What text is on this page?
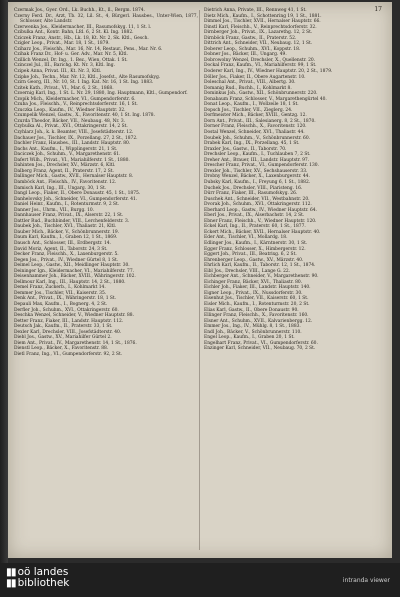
17

Czermak Jos., Gyer. Ord., Lk. Buchh., Kt., ll., Bergm. 1874.

Czerny Ferd. Dr., Arzt, Tb. 32, Lil. St., 4, Bürgerl. Hausbes., Unter-Wien, 1877, Schlosser, Alte Landstr.

Czerwenka Jos., Kleidermacher, III., Rasumofskyg. 11, 1 St. l.

Czibulka Ant., Kontr. Bahn, Lfd. 6, 2 St. Kl. Ing. 1882.

Cziczek Franz, Anstr., Hb., Lk. 18, Kt. Nr. 2, Sk. Kltl., Gesch.

Czigler Leop., Privat., Mar. 18, 1 St., 1879.

Cziharz Jos., Fleischh., Mar. 16, Nr. 14, Restaur., Pens., Mar. Nr. 6.

Czihak Franz Dr., Hof- u. Ger. Adv., Mar. Nr. 5, Kltl.

Czillich Wenzel, Dr. Ing., 1. Bez., Wien, Ottak. 1 St.

Czinczel Jul., III., Barichg. Kt. Nr. 3, Kltl. Ing.

Czipek Anna, Privat. III., Kt. Nr. 3, Kltl.

Czipke Joh., Techn., Mar. Nr. 12, Kltl., Josefst., Alte Rasumofskyg.

Czirn Georg, III., Nr. 10, St. 1 Ing. Kat. Nr. 16, 1 St. Ing. 1883.

Czitek Kath., Privat., VI., Mar. 6, 2 St., 1868.

Czoernig Karl, Ing., 1 St. L. Nr. 29, 1880, Ing. Hauptmann, Kltl., Gumpendorf.

Czopik Mich., Kleidermacher, VI., Gumpendorferstr. 6.

Czuba Jos., Fleischh., V., Reinprechtsdorferstr. 16, 1 St.

Czuczka Leop., Kaufm., IV., Wiedner Hauptstr. 32.

Czumpelik Wenzel, Gastw., X., Favoritenstr. 40, 1 St. Ing. 1878.

Czurda Theodor, Bäcker, VII., Neubaug. 48, Nr. 3.

Czybulka Al., Privat., XVI., Ottakringerstr. 14, 2 St.

Czyhlarz Joh., k. k. Beamter, VIII., Josefstädterstr. 12.

Dachauer Jos., Tischler, IX., Porzellang. 27, 2 St., 1872.

Dachler Franz, Hausbes., III., Landstr. Hauptstr. 80.

Dachs Ant., Kaufm., I., Wipplingerstr. 21, 1 St.

Daciczek Joh., Schuhm., V., Margarethenstr. 61.

Dafert Wilh., Privat., VI., Mariahilferstr. 1 St., 1880.

Dahinten Jos., Drechsler, XV., Märzstr. 6, Kltl.

Dalberg Franz, Agent, II., Praterstr. 17, 2 St.

Dallinger Mich., Gastw., XVII., Hernalser Hauptstr. 8.

Damböck Ant., Fleischh., IV., Favoritenstr. 12.

Damisch Karl, Ing., III., Ungarg. 30, 1 St.

Dangl Leop., Fiaker, II., Obere Donaustr. 45, 1 St., 1875.

Danhelovsky Joh., Schneider, VI., Gumpendorferstr. 41.

Daniel Heinr., Kaufm., I., Rotenturmstr. 9, 2 St.

Danner Jos., Uhrm., VII., Burgg. 10.

Dannhauser Franz, Privat., IX., Alserstr. 22, 1 St.

Dattler Rud., Buchbinder, VIII., Lerchenfelderstr. 3.

Daubek Joh., Tischler, XVI., Thaliastr. 21, Kltl.

Dauber Mich., Bäcker, V., Schönbrunnerstr. 19.

Daum Karl, Kaufm., I., Graben 12, 1 St., 1869.

Dausch Ant., Schlosser, III., Erdbergstr. 14.

David Moriz, Agent, II., Taborstr. 24, 3 St.

Decker Franz, Fleischh., X., Laxenburgerstr. 5.

Degen Jos., Privat., IV., Wiedner Gürtel 8, 1 St.

Deimel Leop., Gastw., XII., Meidlinger Hauptstr. 30.

Deininger Ign., Kleidermacher, VI., Mariahilferstr. 77.

Deisenhammer Joh., Bäcker, XVIII., Währingerstr. 102.

Dellmour Karl, Ing., III., Hauptstr. 14, 2 St., 1880.

Demel Franz, Zuckerb., I., Kohlmarkt 14.

Demmer Jos., Tischler, VII., Kaiserstr. 35.

Denk Ant., Privat., IX., Währingerstr. 18, 1 St.

Depauli Max, Kaufm., I., Bognerg. 4, 2 St.

Derfler Joh., Schuhm., XVI., Ottakringerstr. 60.

Deschka Wenzel, Schneider, V., Wiedner Hauptstr. 88.

Detter Franz, Fiaker, III., Landstr. Hauptstr. 112.

Deutsch Jak., Kaufm., II., Praterstr. 33, 1 St.

Dexler Karl, Drechsler, VIII., Josefstädterstr. 40.

Diebl Jos., Gastw., XV., Mariahilfer Gürtel 2.

Diem Ant., Privat., IV., Margarethenstr. 14, 1 St., 1876.

Dienstl Leop., Bäcker, X., Favoritenstr. 88.

Dietl Franz, Ing., VI., Gumpendorferstr. 92, 2 St.

Dietrich Anna, Private, III., Rennweg 41, 1 St.

Dietz Mich., Kaufm., I., Schottenring 19, 1 St., 1881.

Dimmel Jos., Tischler, XVII., Hernalser Hauptstr. 66.

Dinstl Karl, Fleischh., V., Reinprechtsdorferstr. 32.

Dirnberger Joh., Privat., IX., Lazarethg. 12, 2 St.

Dirnböck Franz, Gastw., II., Praterstr. 52.

Dittrich Ant., Schneider, VII., Neubaug. 12, 1 St.

Doberer Leop., Schuhm., XVI., Koppstr. 18.

Dobner Jos., Bäcker, III., Ungarg. 49.

Dobrowolny Wenzel, Drechsler, X., Quellenstr. 20.

Dockal Franz, Kaufm., VI., Mariahilferstr. 99, 1 St.

Doderer Karl, Ing., IV., Wiedner Hauptstr. 20, 2 St., 1879.

Döller Jos., Fiaker, II., Obere Augartenstr. 10.

Doleschal Ant., Privat., VIII., Albertg. 30.

Domanig Rud., Buchh., I., Kohlmarkt 8.

Dominkus Joh., Gastw., XII., Schönbrunnerstr. 220.

Donabaum Franz, Schlosser, V., Margarethengürtel 40.

Donat Leop., Kaufm., I., Wollzeile 18, 1 St.

Dopsch Jos., Tischler, VII., Zieglerg. 24.

Dorfmeister Mich., Bäcker, XVIII., Gentzg. 12.

Dorn Ant., Privat., III., Salesianerg. 8, 2 St., 1870.

Dorner Franz, Fleischh., X., Favoritenstr. 120.

Dostal Wenzel, Schneider, XVI., Thaliastr. 44.

Doubek Joh., Schuhm., V., Schönbrunnerstr. 60.

Drabek Karl, Ing., IX., Porzellang. 45, 1 St.

Draxler Jos., Gastw., II., Taborstr. 70.

Drechsler Leop., Kaufm., I., Tuchlauben 7, 2 St.

Dreher Ant., Brauer, III., Landstr. Hauptstr. 97.

Drescher Franz, Privat., VI., Gumpendorferstr. 130.

Drexler Joh., Tischler, XV., Sechshauserstr. 33.

Drobny Wenzel, Bäcker, X., Laxenburgerstr. 44.

Dubsky Karl, Kaufm., I., Freyung 6, 1 St., 1882.

Duchek Jos., Drechsler, VIII., Piaristeng. 16.

Dürr Franz, Fiaker, III., Rasumofskyg. 26.

Duschek Ant., Schneider, VII., Westbahnstr. 20.

Dvorak Joh., Schuhm., XVI., Ottakringerstr. 112.

Eberhard Leop., Gastw., IV., Wiedner Hauptstr. 64.

Eberl Jos., Privat., IX., Alserbachstr. 14, 2 St.

Ebner Franz, Fleischh., V., Wiedner Hauptstr. 120.

Eckel Karl, Ing., II., Praterstr. 60, 1 St., 1877.

Eckert Mich., Bäcker, XVII., Hernalser Hauptstr. 40.

Eder Ant., Tischler, VI., Mollardg. 18.

Edlinger Jos., Kaufm., I., Kärntnerstr. 30, 1 St.

Egger Franz, Schlosser, X., Himbergerstr. 12.

Eggert Joh., Privat., III., Beatrixg. 6, 2 St.

Ehrenberger Leop., Gastw., XV., Märzstr. 40.

Ehrlich Karl, Kaufm., II., Taborstr. 12, 1 St., 1874.

Eibl Jos., Drechsler, VIII., Lange G. 22.

Eichberger Ant., Schneider, V., Margarethenstr. 90.

Eichinger Franz, Bäcker, XVI., Thaliastr. 80.

Eichler Joh., Fiaker, III., Landstr. Hauptstr. 140.

Eigner Leop., Privat., IX., Nussdorferstr. 30.

Eisenhut Jos., Tischler, VII., Kaiserstr. 60, 1 St.

Eisler Mich., Kaufm., I., Rotenturmstr. 20, 2 St.

Elias Karl, Gastw., II., Obere Donaustr. 90.

Ellinger Franz, Fleischh., X., Favoritenstr. 160.

Elsner Ant., Schuhm., XVII., Kalvarienbergg. 12.

Emmer Jos., Ing., IV., Mühlg. 8, 1 St., 1883.

Endl Joh., Bäcker, V., Schönbrunnerstr. 110.

Engel Leop., Kaufm., I., Graben 20, 1 St.

Engelhart Franz, Privat., VI., Gumpendorferstr. 60.

Enzinger Karl, Schneider, VII., Neubaug. 70, 2 St.

▮▮ oö landes
▮▮ bibliothek	intranda viewer
